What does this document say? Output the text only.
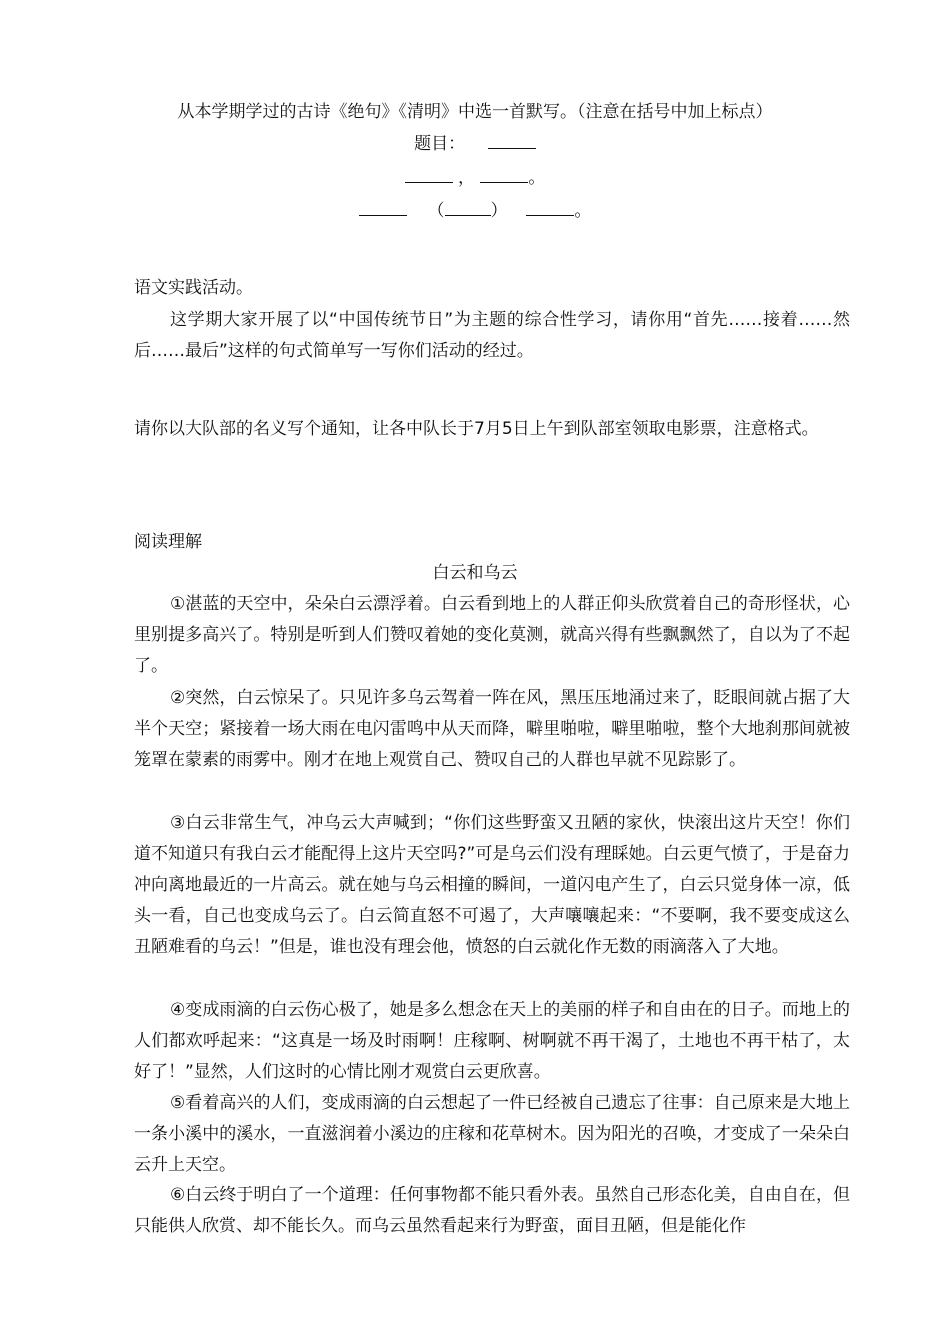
从本学期学过的古诗《绝句》《清明》中选一首默写。（注意在括号中加上标点）
题目：
，	。
（	）	。
语文实践活动。
这学期大家开展了以“中国传统节日”为主题的综合性学习，请你用“首先……接着……然后……最后”这样的句式简单写一写你们活动的经过。
请你以大队部的名义写个通知，让各中队长于7月5日上午到队部室领取电影票，注意格式。
阅读理解
白云和乌云
①湛蓝的天空中，朵朵白云漂浮着。白云看到地上的人群正仰头欣赏着自己的奇形怪状，心里别提多高兴了。特别是听到人们赞叹着她的变化莫测，就高兴得有些飘飘然了，自以为了不起了。
②突然，白云惊呆了。只见许多乌云驾着一阵在风，黑压压地涌过来了，眨眼间就占据了大半个天空；紧接着一场大雨在电闪雷鸣中从天而降，噼里啪啦，噼里啪啦，整个大地刹那间就被笼罩在蒙素的雨雾中。刚才在地上观赏自己、赞叹自己的人群也早就不见踪影了。
③白云非常生气，冲乌云大声喊到；“你们这些野蛮又丑陋的家伙，快滚出这片天空！你们道不知道只有我白云才能配得上这片天空吗?”可是乌云们没有理睬她。白云更气愤了，于是奋力冲向离地最近的一片高云。就在她与乌云相撞的瞬间，一道闪电产生了，白云只觉身体一凉，低头一看，自己也变成乌云了。白云简直怒不可遏了，大声嚷嚷起来：“不要啊，我不要变成这么丑陋难看的乌云！”但是，谁也没有理会他，愤怒的白云就化作无数的雨滴落入了大地。
④变成雨滴的白云伤心极了，她是多么想念在天上的美丽的样子和自由在的日子。而地上的人们都欢呼起来：“这真是一场及时雨啊！庄稼啊、树啊就不再干渴了，土地也不再干枯了，太好了！”显然，人们这时的心情比刚才观赏白云更欣喜。
⑤看着高兴的人们，变成雨滴的白云想起了一件已经被自己遗忘了往事：自己原来是大地上一条小溪中的溪水，一直滋润着小溪边的庄稼和花草树木。因为阳光的召唤，才变成了一朵朵白云升上天空。
⑥白云终于明白了一个道理：任何事物都不能只看外表。虽然自己形态化美，自由自在，但只能供人欣赏、却不能长久。而乌云虽然看起来行为野蛮，面目丑陋，但是能化作
